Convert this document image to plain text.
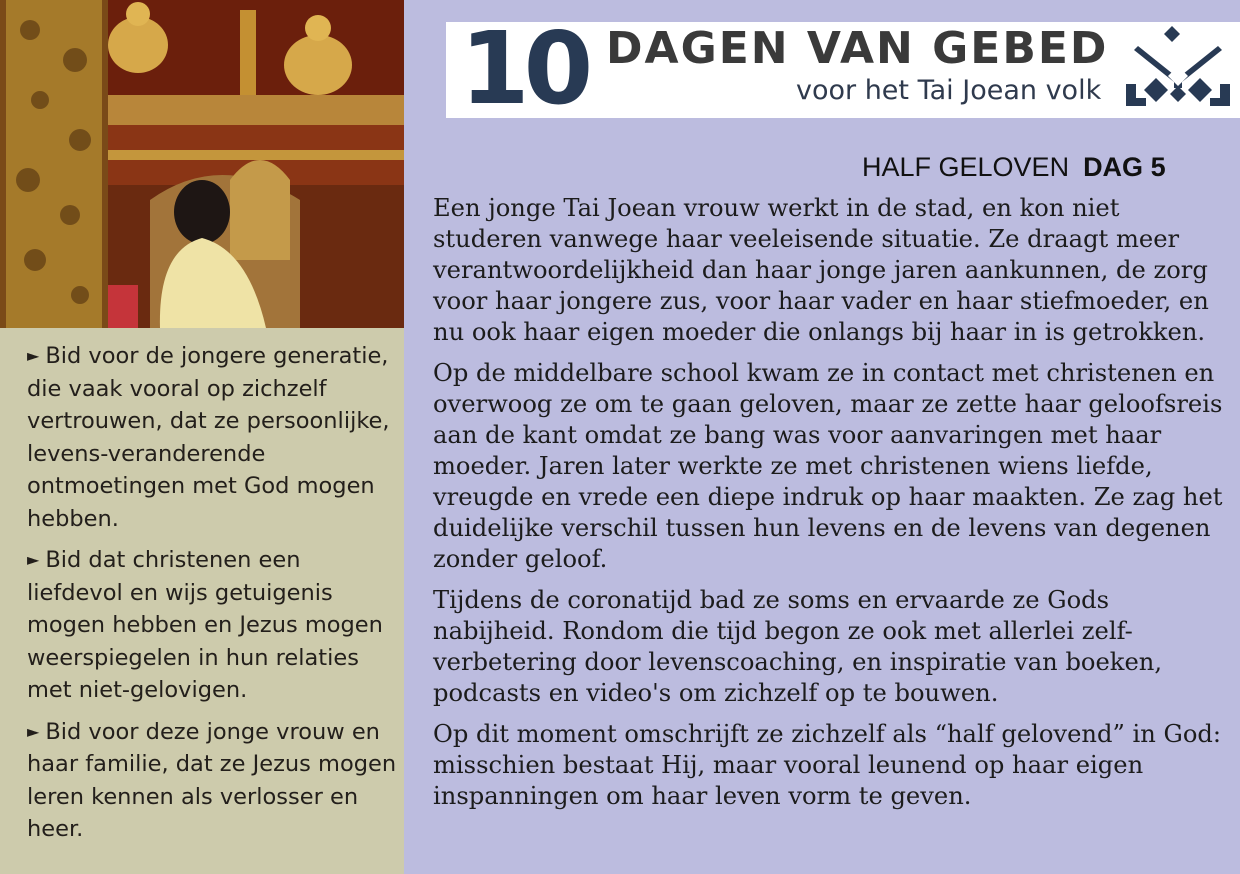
► Bid voor de jongere generatie, die vaak vooral op zichzelf vertrouwen, dat ze persoonlijke, levens-veranderende ontmoetingen met God mogen hebben.

► Bid dat christenen een liefdevol en wijs getuigenis mogen hebben en Jezus mogen weerspiegelen in hun relaties met niet-gelovigen.

► Bid voor deze jonge vrouw en haar familie, dat ze Jezus mogen leren kennen als verlosser en heer.

10 DAGEN VAN GEBED
voor het Tai Joean volk
HALF GELOVEN DAG 5

Een jonge Tai Joean vrouw werkt in de stad, en kon niet studeren vanwege haar veeleisende situatie. Ze draagt meer verantwoordelijkheid dan haar jonge jaren aankunnen, de zorg voor haar jongere zus, voor haar vader en haar stiefmoeder, en nu ook haar eigen moeder die onlangs bij haar in is getrokken.

Op de middelbare school kwam ze in contact met christenen en overwoog ze om te gaan geloven, maar ze zette haar geloofsreis aan de kant omdat ze bang was voor aanvaringen met haar moeder. Jaren later werkte ze met christenen wiens liefde, vreugde en vrede een diepe indruk op haar maakten. Ze zag het duidelijke verschil tussen hun levens en de levens van degenen zonder geloof.

Tijdens de coronatijd bad ze soms en ervaarde ze Gods nabijheid. Rondom die tijd begon ze ook met allerlei zelf-verbetering door levenscoaching, en inspiratie van boeken, podcasts en video's om zichzelf op te bouwen.

Op dit moment omschrijft ze zichzelf als “half gelovend” in God: misschien bestaat Hij, maar vooral leunend op haar eigen inspanningen om haar leven vorm te geven.
